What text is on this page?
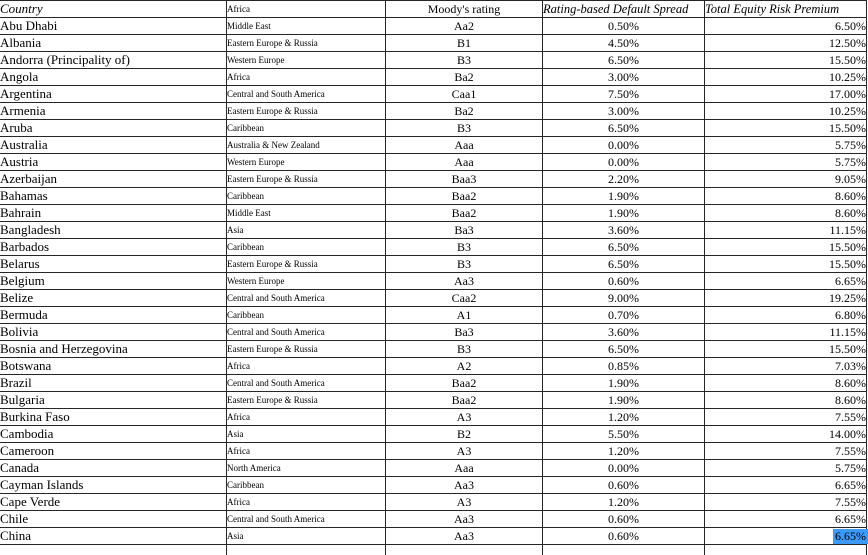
Country	Africa	Moody's rating	Rating-based Default Spread	Total Equity Risk Premium
Abu Dhabi	Middle East	Aa2	0.50%	6.50%
Albania	Eastern Europe & Russia	B1	4.50%	12.50%
Andorra (Principality of)	Western Europe	B3	6.50%	15.50%
Angola	Africa	Ba2	3.00%	10.25%
Argentina	Central and South America	Caa1	7.50%	17.00%
Armenia	Eastern Europe & Russia	Ba2	3.00%	10.25%
Aruba	Caribbean	B3	6.50%	15.50%
Australia	Australia & New Zealand	Aaa	0.00%	5.75%
Austria	Western Europe	Aaa	0.00%	5.75%
Azerbaijan	Eastern Europe & Russia	Baa3	2.20%	9.05%
Bahamas	Caribbean	Baa2	1.90%	8.60%
Bahrain	Middle East	Baa2	1.90%	8.60%
Bangladesh	Asia	Ba3	3.60%	11.15%
Barbados	Caribbean	B3	6.50%	15.50%
Belarus	Eastern Europe & Russia	B3	6.50%	15.50%
Belgium	Western Europe	Aa3	0.60%	6.65%
Belize	Central and South America	Caa2	9.00%	19.25%
Bermuda	Caribbean	A1	0.70%	6.80%
Bolivia	Central and South America	Ba3	3.60%	11.15%
Bosnia and Herzegovina	Eastern Europe & Russia	B3	6.50%	15.50%
Botswana	Africa	A2	0.85%	7.03%
Brazil	Central and South America	Baa2	1.90%	8.60%
Bulgaria	Eastern Europe & Russia	Baa2	1.90%	8.60%
Burkina Faso	Africa	A3	1.20%	7.55%
Cambodia	Asia	B2	5.50%	14.00%
Cameroon	Africa	A3	1.20%	7.55%
Canada	North America	Aaa	0.00%	5.75%
Cayman Islands	Caribbean	Aa3	0.60%	6.65%
Cape Verde	Africa	A3	1.20%	7.55%
Chile	Central and South America	Aa3	0.60%	6.65%
China	Asia	Aa3	0.60%	6.65%
